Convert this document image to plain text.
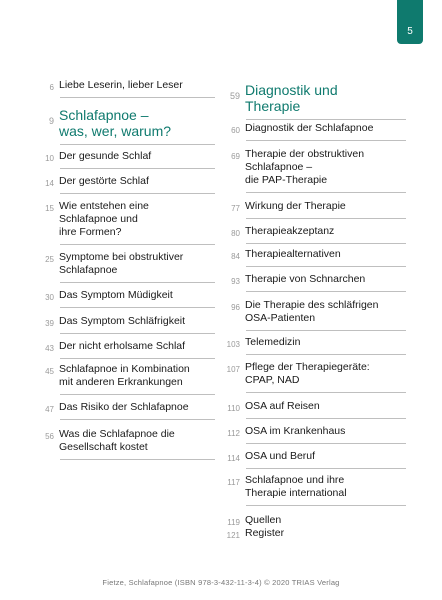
5
6 Liebe Leserin, lieber Leser
9 Schlafapnoe –
was, wer, warum?
10 Der gesunde Schlaf
14 Der gestörte Schlaf
15 Wie entstehen eine
Schlafapnoe und
ihre Formen?
25 Symptome bei obstruktiver
Schlafapnoe
30 Das Symptom Müdigkeit
39 Das Symptom Schläfrigkeit
43 Der nicht erholsame Schlaf
45 Schlafapnoe in Kombination
mit anderen Erkrankungen
47 Das Risiko der Schlafapnoe
56 Was die Schlafapnoe die
Gesellschaft kostet
59 Diagnostik und
Therapie
60 Diagnostik der Schlafapnoe
69 Therapie der obstruktiven
Schlafapnoe –
die PAP-Therapie
77 Wirkung der Therapie
80 Therapieakzeptanz
84 Therapiealternativen
93 Therapie von Schnarchen
96 Die Therapie des schläfrigen
OSA-Patienten
103 Telemedizin
107 Pflege der Therapiegeräte:
CPAP, NAD
110 OSA auf Reisen
112 OSA im Krankenhaus
114 OSA und Beruf
117 Schlafapnoe und ihre
Therapie international
119 Quellen
121 Register
Fietze, Schlafapnoe (ISBN 978-3-432-11-3-4) © 2020 TRIAS Verlag
